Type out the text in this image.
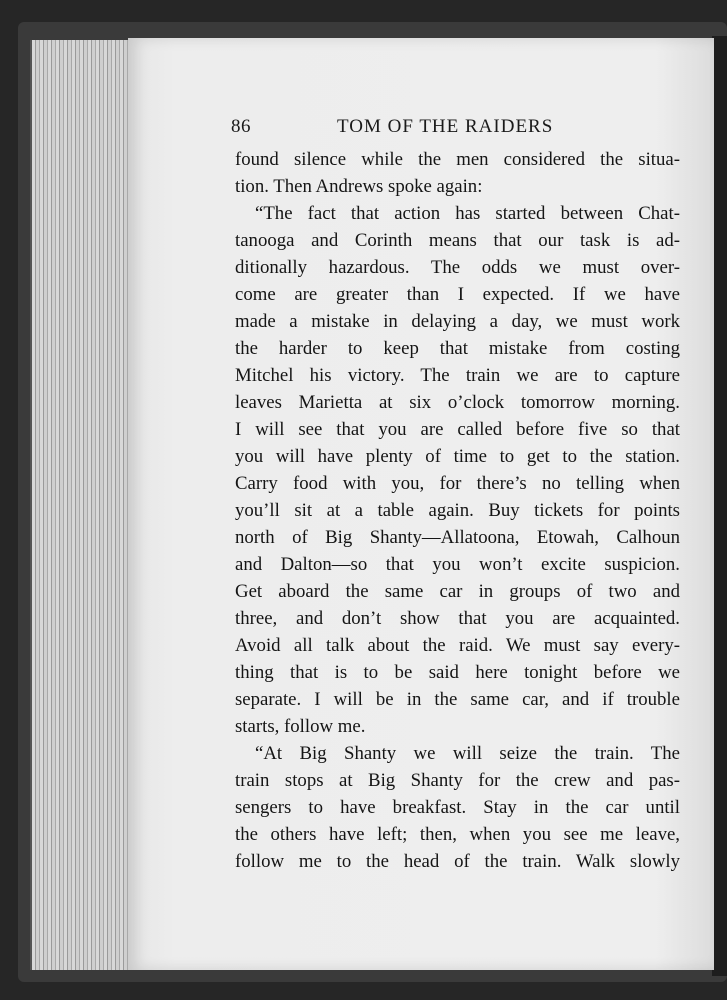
86	TOM OF THE RAIDERS
found silence while the men considered the situa-
tion. Then Andrews spoke again:
“The fact that action has started between Chat-
tanooga and Corinth means that our task is ad-
ditionally hazardous. The odds we must over-
come are greater than I expected. If we have
made a mistake in delaying a day, we must work
the harder to keep that mistake from costing
Mitchel his victory. The train we are to capture
leaves Marietta at six o’clock tomorrow morning.
I will see that you are called before five so that
you will have plenty of time to get to the station.
Carry food with you, for there’s no telling when
you’ll sit at a table again. Buy tickets for points
north of Big Shanty—Allatoona, Etowah, Calhoun
and Dalton—so that you won’t excite suspicion.
Get aboard the same car in groups of two and
three, and don’t show that you are acquainted.
Avoid all talk about the raid. We must say every-
thing that is to be said here tonight before we
separate. I will be in the same car, and if trouble
starts, follow me.
“At Big Shanty we will seize the train. The
train stops at Big Shanty for the crew and pas-
sengers to have breakfast. Stay in the car until
the others have left; then, when you see me leave,
follow me to the head of the train. Walk slowly
